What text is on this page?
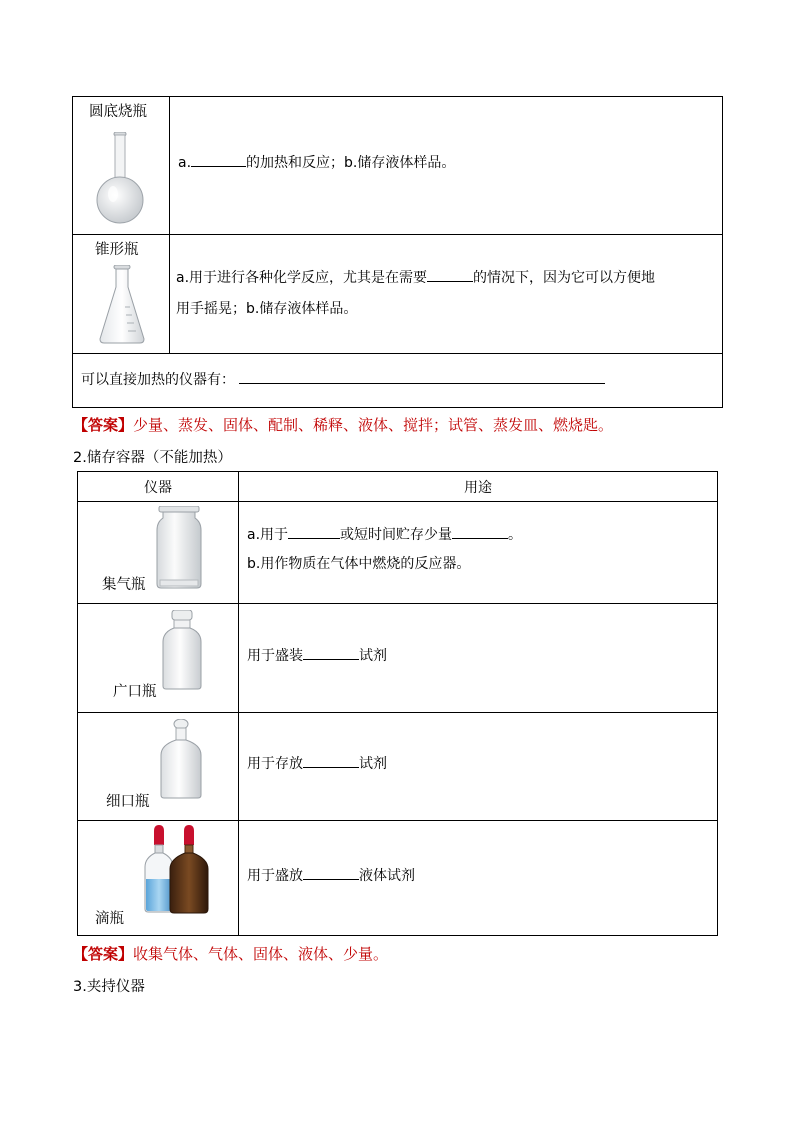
圆底烧瓶	a. 的加热和反应；b.储存液体样品。

锥形瓶	a.用于进行各种化学反应，尤其是在需要 的情况下，因为它可以方便地
用手摇晃；b.储存液体样品。

可以直接加热的仪器有：	
【答案】少量、蒸发、固体、配制、稀释、液体、搅拌；试管、蒸发皿、燃烧匙。
2.储存容器（不能加热）
仪器	用途

集气瓶	a.用于 或短时间贮存少量 。
b.用作物质在气体中燃烧的反应器。

广口瓶	用于盛装 试剂

细口瓶	用于存放 试剂

滴瓶	用于盛放 液体试剂
【答案】收集气体、气体、固体、液体、少量。
3.夹持仪器
